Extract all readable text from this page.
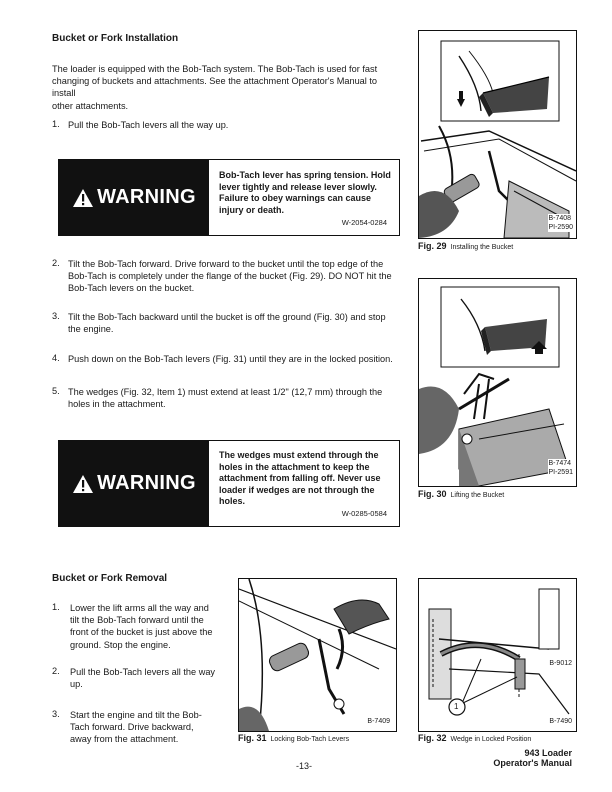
Bucket or Fork Installation
The loader is equipped with the Bob-Tach system. The Bob-Tach is used for fast
changing of buckets and attachments. See the attachment Operator's Manual to install
other attachments.
1. Pull the Bob-Tach levers all the way up.
WARNING
Bob-Tach lever has spring tension. Hold
lever tightly and release lever slowly.
Failure to obey warnings can cause
injury or death.
W-2054-0284
2. Tilt the Bob-Tach forward. Drive forward to the bucket until the top edge of the
Bob-Tach is completely under the flange of the bucket (Fig. 29). DO NOT hit the
Bob-Tach levers on the bucket.
3. Tilt the Bob-Tach backward until the bucket is off the ground (Fig. 30) and stop
the engine.
4. Push down on the Bob-Tach levers (Fig. 31) until they are in the locked position.
5. The wedges (Fig. 32, Item 1) must extend at least 1/2" (12,7 mm) through the
holes in the attachment.
WARNING
The wedges must extend through the
holes in the attachment to keep the
attachment from falling off. Never use
loader if wedges are not through the
holes.
W-0285-0584
B-7408
PI-2590
Fig. 29 Installing the Bucket
B-7474
PI-2591
Fig. 30 Lifting the Bucket
Bucket or Fork Removal
1. Lower the lift arms all the way and
tilt the Bob-Tach forward until the
front of the bucket is just above the
ground. Stop the engine.
2. Pull the Bob-Tach levers all the way
up.
3. Start the engine and tilt the Bob-
Tach forward. Drive backward,
away from the attachment.
B-7409
Fig. 31 Locking Bob-Tach Levers
1
B-9012
B-7490
Fig. 32 Wedge in Locked Position
-13-
943 Loader
Operator's Manual
